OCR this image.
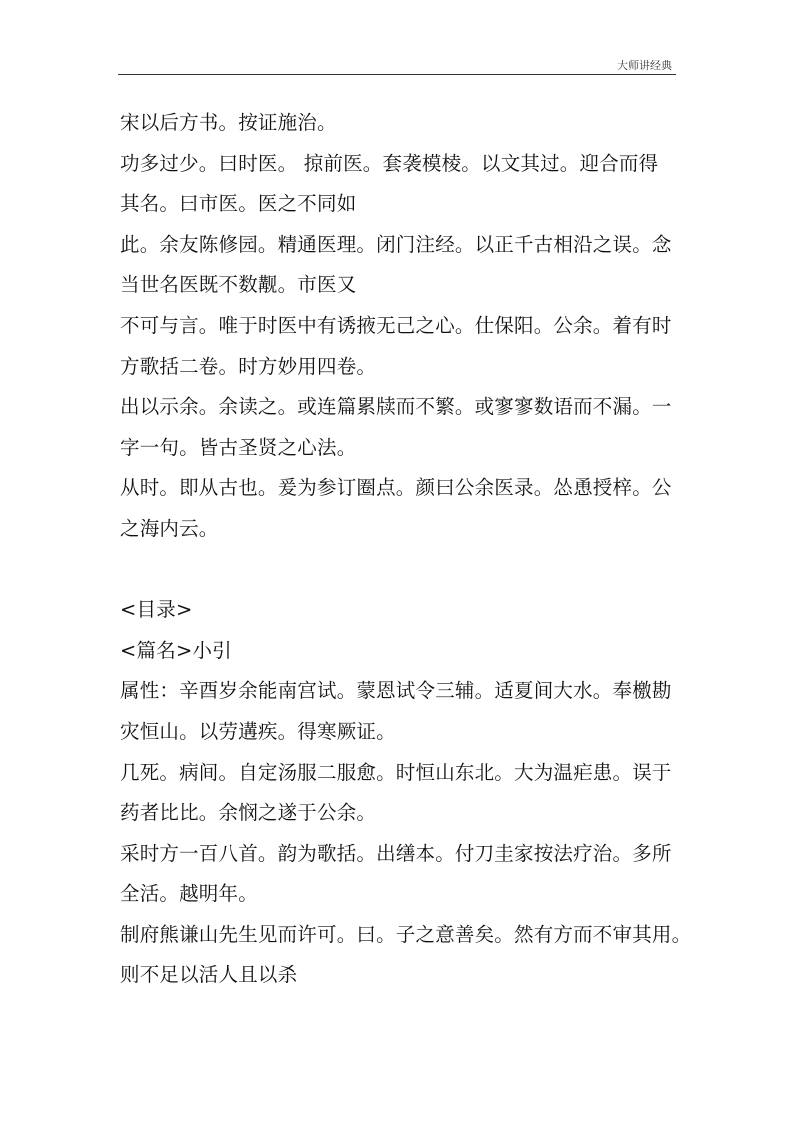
大师讲经典
宋以后方书。按证施治。
功多过少。曰时医。 掠前医。套袭模棱。以文其过。迎合而得
其名。曰市医。医之不同如
此。余友陈修园。精通医理。闭门注经。以正千古相沿之误。念
当世名医既不数觏。市医又
不可与言。唯于时医中有诱掖无己之心。仕保阳。公余。着有时
方歌括二卷。时方妙用四卷。
出以示余。余读之。或连篇累牍而不繁。或寥寥数语而不漏。一
字一句。皆古圣贤之心法。
从时。即从古也。爰为参订圈点。颜曰公余医录。怂恿授梓。公
之海内云。
<目录>
<篇名>小引
属性：辛酉岁余能南宫试。蒙恩试令三辅。适夏间大水。奉檄勘
灾恒山。以劳遘疾。得寒厥证。
几死。病间。自定汤服二服愈。时恒山东北。大为温疟患。误于
药者比比。余悯之遂于公余。
采时方一百八首。韵为歌括。出缮本。付刀圭家按法疗治。多所
全活。越明年。
制府熊谦山先生见而许可。曰。子之意善矣。然有方而不审其用。
则不足以活人且以杀
